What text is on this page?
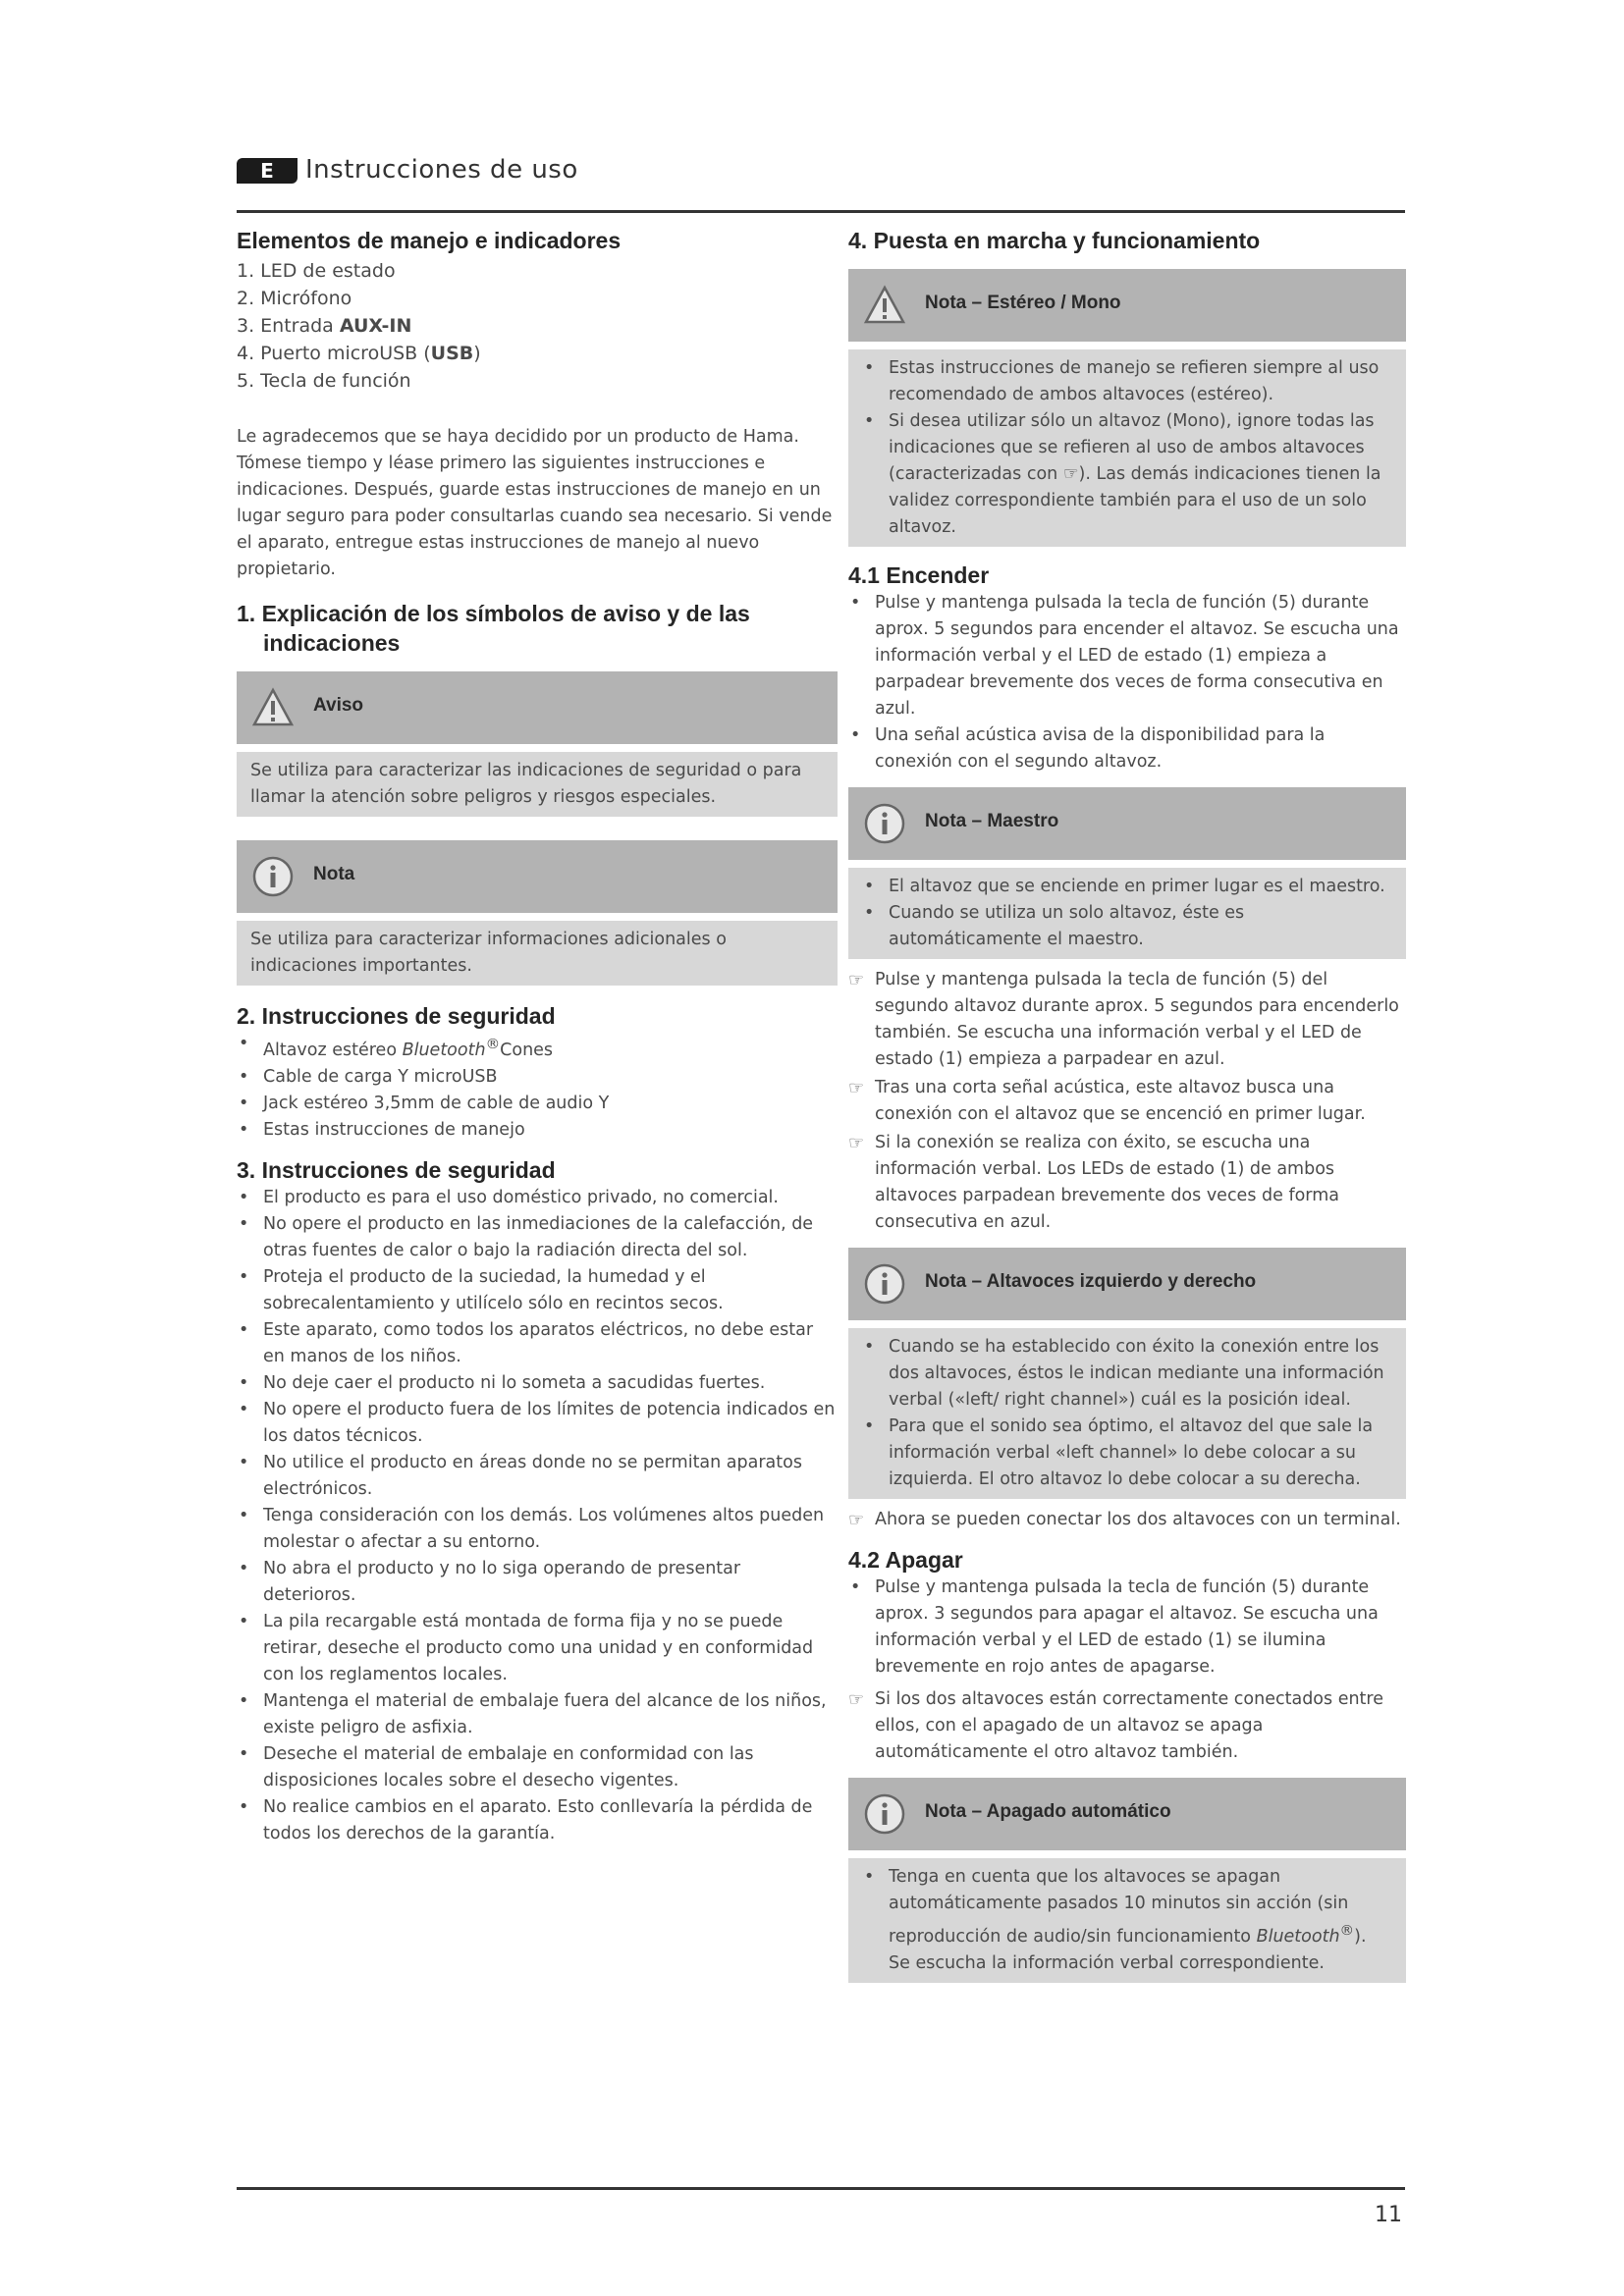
E	Instrucciones de uso
Elementos de manejo e indicadores
1. LED de estado
2. Micrófono
3. Entrada AUX-IN
4. Puerto microUSB (USB)
5. Tecla de función

Le agradecemos que se haya decidido por un producto de Hama. Tómese tiempo y léase primero las siguientes instrucciones e indicaciones. Después, guarde estas instrucciones de manejo en un lugar seguro para poder consultarlas cuando sea necesario. Si vende el aparato, entregue estas instrucciones de manejo al nuevo propietario.

1. Explicación de los símbolos de aviso y de las
indicaciones
Aviso

Se utiliza para caracterizar las indicaciones de seguridad o para llamar la atención sobre peligros y riesgos especiales.

Nota

Se utiliza para caracterizar informaciones adicionales o indicaciones importantes.

2. Instrucciones de seguridad
• Altavoz estéreo Bluetooth®Cones
• Cable de carga Y microUSB
• Jack estéreo 3,5mm de cable de audio Y
• Estas instrucciones de manejo
3. Instrucciones de seguridad
• El producto es para el uso doméstico privado, no comercial.
• No opere el producto en las inmediaciones de la calefacción, de otras fuentes de calor o bajo la radiación directa del sol.
• Proteja el producto de la suciedad, la humedad y el sobrecalentamiento y utilícelo sólo en recintos secos.
• Este aparato, como todos los aparatos eléctricos, no debe estar en manos de los niños.
• No deje caer el producto ni lo someta a sacudidas fuertes.
• No opere el producto fuera de los límites de potencia indicados en los datos técnicos.
• No utilice el producto en áreas donde no se permitan aparatos electrónicos.
• Tenga consideración con los demás. Los volúmenes altos pueden molestar o afectar a su entorno.
• No abra el producto y no lo siga operando de presentar deterioros.
• La pila recargable está montada de forma fija y no se puede retirar, deseche el producto como una unidad y en conformidad con los reglamentos locales.
• Mantenga el material de embalaje fuera del alcance de los niños, existe peligro de asfixia.
• Deseche el material de embalaje en conformidad con las disposiciones locales sobre el desecho vigentes.
• No realice cambios en el aparato. Esto conllevaría la pérdida de todos los derechos de la garantía.
4. Puesta en marcha y funcionamiento
Nota – Estéreo / Mono
• Estas instrucciones de manejo se refieren siempre al uso recomendado de ambos altavoces (estéreo).
• Si desea utilizar sólo un altavoz (Mono), ignore todas las indicaciones que se refieren al uso de ambos altavoces (caracterizadas con ☞). Las demás indicaciones tienen la validez correspondiente también para el uso de un solo altavoz.
4.1 Encender
• Pulse y mantenga pulsada la tecla de función (5) durante aprox. 5 segundos para encender el altavoz. Se escucha una información verbal y el LED de estado (1) empieza a parpadear brevemente dos veces de forma consecutiva en azul.
• Una señal acústica avisa de la disponibilidad para la conexión con el segundo altavoz.
Nota – Maestro
• El altavoz que se enciende en primer lugar es el maestro.
• Cuando se utiliza un solo altavoz, éste es automáticamente el maestro.
☞ Pulse y mantenga pulsada la tecla de función (5) del segundo altavoz durante aprox. 5 segundos para encenderlo también. Se escucha una información verbal y el LED de estado (1) empieza a parpadear en azul.
☞ Tras una corta señal acústica, este altavoz busca una conexión con el altavoz que se encenció en primer lugar.
☞ Si la conexión se realiza con éxito, se escucha una información verbal. Los LEDs de estado (1) de ambos altavoces parpadean brevemente dos veces de forma consecutiva en azul.
Nota – Altavoces izquierdo y derecho
• Cuando se ha establecido con éxito la conexión entre los dos altavoces, éstos le indican mediante una información verbal («left/ right channel») cuál es la posición ideal.
• Para que el sonido sea óptimo, el altavoz del que sale la información verbal «left channel» lo debe colocar a su izquierda. El otro altavoz lo debe colocar a su derecha.
☞ Ahora se pueden conectar los dos altavoces con un terminal.
4.2 Apagar
• Pulse y mantenga pulsada la tecla de función (5) durante aprox. 3 segundos para apagar el altavoz. Se escucha una información verbal y el LED de estado (1) se ilumina brevemente en rojo antes de apagarse.
☞ Si los dos altavoces están correctamente conectados entre ellos, con el apagado de un altavoz se apaga automáticamente el otro altavoz también.
Nota – Apagado automático
• Tenga en cuenta que los altavoces se apagan automáticamente pasados 10 minutos sin acción (sin reproducción de audio/sin funcionamiento Bluetooth®). Se escucha la información verbal correspondiente.
11
